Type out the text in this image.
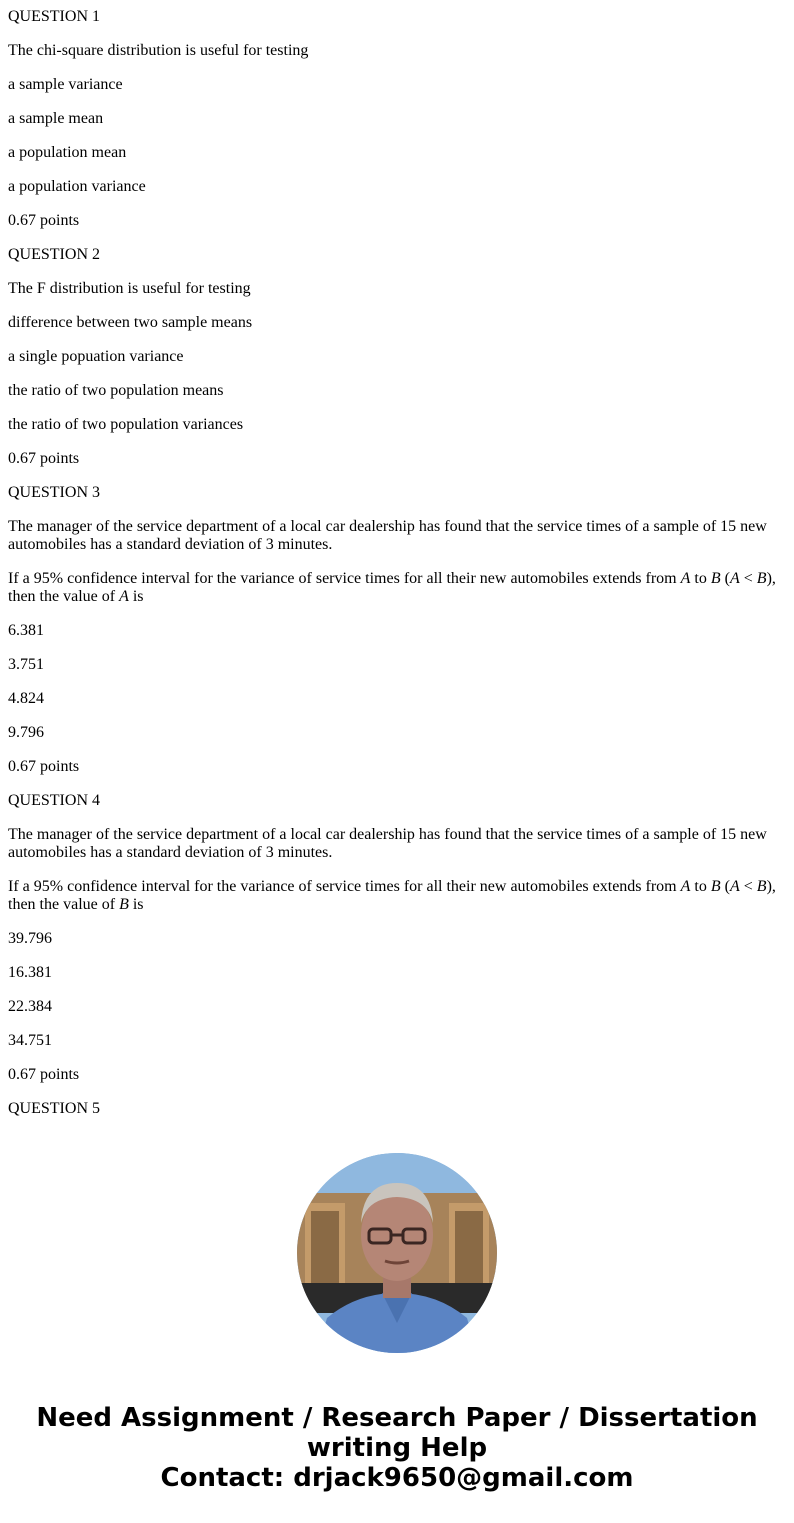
QUESTION 1

The chi-square distribution is useful for testing

a sample variance

a sample mean

a population mean

a population variance

0.67 points

QUESTION 2

The F distribution is useful for testing

difference between two sample means

a single popuation variance

the ratio of two population means

the ratio of two population variances

0.67 points

QUESTION 3

The manager of the service department of a local car dealership has found that the service times of a sample of 15 new automobiles has a standard deviation of 3 minutes.

If a 95% confidence interval for the variance of service times for all their new automobiles extends from A to B (A < B), then the value of A is

6.381

3.751

4.824

9.796

0.67 points

QUESTION 4

The manager of the service department of a local car dealership has found that the service times of a sample of 15 new automobiles has a standard deviation of 3 minutes.

If a 95% confidence interval for the variance of service times for all their new automobiles extends from A to B (A < B), then the value of B is

39.796

16.381

22.384

34.751

0.67 points

QUESTION 5

Need Assignment / Research Paper / Dissertation
writing Help
Contact: drjack9650@gmail.com
